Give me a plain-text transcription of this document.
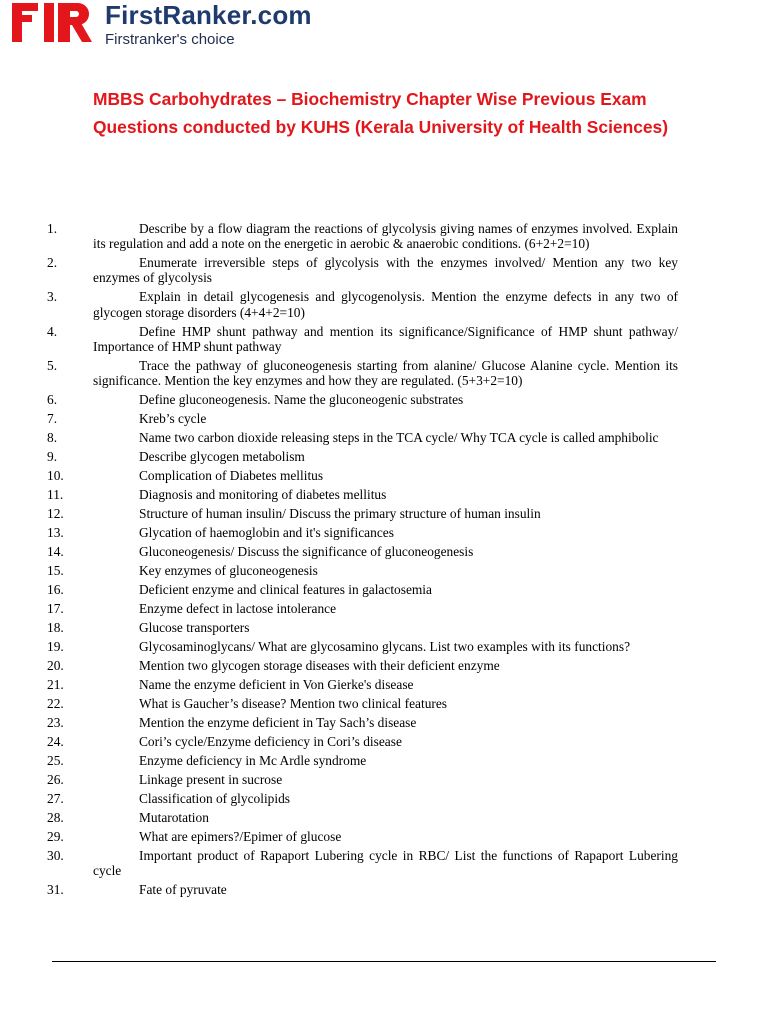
FirstRanker.com
Firstranker's choice
MBBS Carbohydrates – Biochemistry Chapter Wise Previous Exam Questions conducted by KUHS (Kerala University of Health Sciences)
1.	Describe by a flow diagram the reactions of glycolysis giving names of enzymes involved. Explain its regulation and add a note on the energetic in aerobic & anaerobic conditions. (6+2+2=10)
2.	Enumerate irreversible steps of glycolysis with the enzymes involved/ Mention any two key enzymes of glycolysis
3.	Explain in detail glycogenesis and glycogenolysis. Mention the enzyme defects in any two of glycogen storage disorders (4+4+2=10)
4.	Define HMP shunt pathway and mention its significance/Significance of HMP shunt pathway/ Importance of HMP shunt pathway
5.	Trace the pathway of gluconeogenesis starting from alanine/ Glucose Alanine cycle. Mention its significance. Mention the key enzymes and how they are regulated. (5+3+2=10)
6.	Define gluconeogenesis. Name the gluconeogenic substrates
7.	Kreb’s cycle
8.	Name two carbon dioxide releasing steps in the TCA cycle/ Why TCA cycle is called amphibolic
9.	Describe glycogen metabolism
10.	Complication of Diabetes mellitus
11.	Diagnosis and monitoring of diabetes mellitus
12.	Structure of human insulin/ Discuss the primary structure of human insulin
13.	Glycation of haemoglobin and it's significances
14.	Gluconeogenesis/ Discuss the significance of gluconeogenesis
15.	Key enzymes of gluconeogenesis
16.	Deficient enzyme and clinical features in galactosemia
17.	Enzyme defect in lactose intolerance
18.	Glucose transporters
19.	Glycosaminoglycans/ What are glycosamino glycans. List two examples with its functions?
20.	Mention two glycogen storage diseases with their deficient enzyme
21.	Name the enzyme deficient in Von Gierke's disease
22.	What is Gaucher’s disease? Mention two clinical features
23.	Mention the enzyme deficient in Tay Sach’s disease
24.	Cori’s cycle/Enzyme deficiency in Cori’s disease
25.	Enzyme deficiency in Mc Ardle syndrome
26.	Linkage present in sucrose
27.	Classification of glycolipids
28.	Mutarotation
29.	What are epimers?/Epimer of glucose
30.	Important product of Rapaport Lubering cycle in RBC/ List the functions of Rapaport Lubering cycle
31.	Fate of pyruvate
